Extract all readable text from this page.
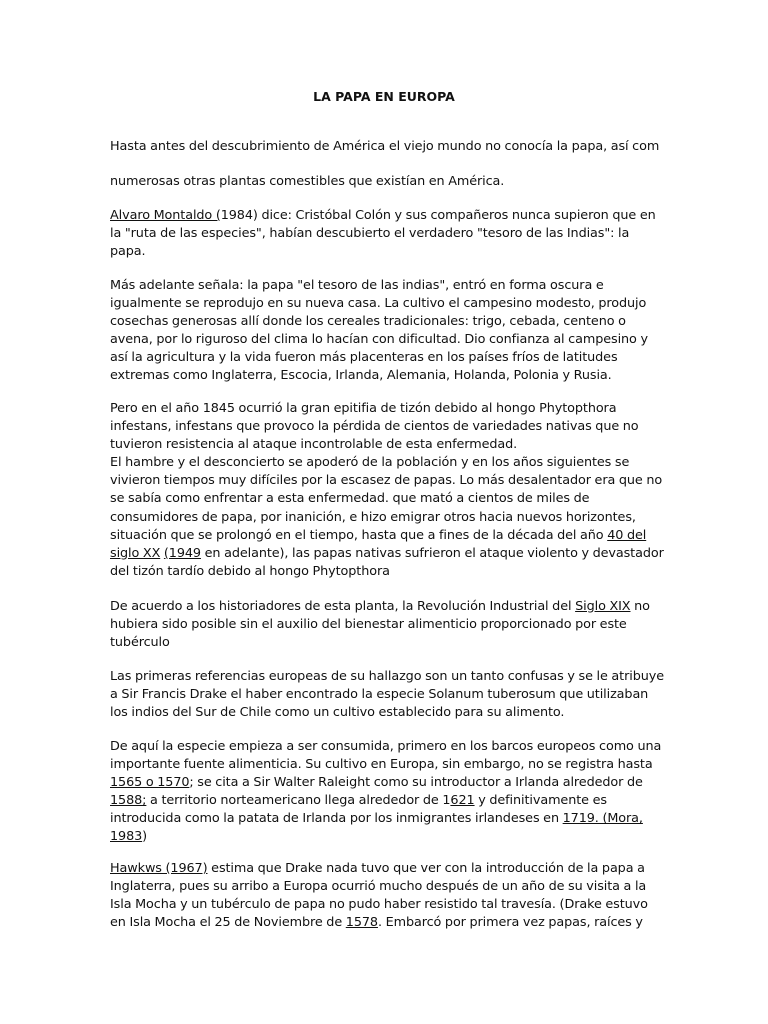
LA PAPA EN EUROPA

Hasta antes del descubrimiento de América el viejo mundo no conocía la papa, así com

numerosas otras plantas comestibles que existían en América.

Alvaro Montaldo (1984) dice: Cristóbal Colón y sus compañeros nunca supieron que en
la "ruta de las especies", habían descubierto el verdadero "tesoro de las Indias": la
papa.

Más adelante señala: la papa "el tesoro de las indias", entró en forma oscura e
igualmente se reprodujo en su nueva casa. La cultivo el campesino modesto, produjo
cosechas generosas allí donde los cereales tradicionales: trigo, cebada, centeno o
avena, por lo riguroso del clima lo hacían con dificultad. Dio confianza al campesino y
así la agricultura y la vida fueron más placenteras en los países fríos de latitudes
extremas como Inglaterra, Escocia, Irlanda, Alemania, Holanda, Polonia y Rusia.

Pero en el año 1845 ocurrió la gran epitifia de tizón debido al hongo Phytopthora
infestans, infestans que provoco la pérdida de cientos de variedades nativas que no
tuvieron resistencia al ataque incontrolable de esta enfermedad.
El hambre y el desconcierto se apoderó de la población y en los años siguientes se
vivieron tiempos muy difíciles por la escasez de papas. Lo más desalentador era que no
se sabía como enfrentar a esta enfermedad. que mató a cientos de miles de
consumidores de papa, por inanición, e hizo emigrar otros hacia nuevos horizontes,
situación que se prolongó en el tiempo, hasta que a fines de la década del año 40 del
siglo XX (1949 en adelante), las papas nativas sufrieron el ataque violento y devastador
del tizón tardío debido al hongo Phytopthora

De acuerdo a los historiadores de esta planta, la Revolución Industrial del Siglo XIX no
hubiera sido posible sin el auxilio del bienestar alimenticio proporcionado por este
tubérculo

Las primeras referencias europeas de su hallazgo son un tanto confusas y se le atribuye
a Sir Francis Drake el haber encontrado la especie Solanum tuberosum que utilizaban
los indios del Sur de Chile como un cultivo establecido para su alimento.

De aquí la especie empieza a ser consumida, primero en los barcos europeos como una
importante fuente alimenticia. Su cultivo en Europa, sin embargo, no se registra hasta
1565 o 1570; se cita a Sir Walter Raleight como su introductor a Irlanda alrededor de
1588; a territorio norteamericano llega alrededor de 1621 y definitivamente es
introducida como la patata de Irlanda por los inmigrantes irlandeses en 1719. (Mora,
1983)

Hawkws (1967) estima que Drake nada tuvo que ver con la introducción de la papa a
Inglaterra, pues su arribo a Europa ocurrió mucho después de un año de su visita a la
Isla Mocha y un tubérculo de papa no pudo haber resistido tal travesía. (Drake estuvo
en Isla Mocha el 25 de Noviembre de 1578. Embarcó por primera vez papas, raíces y
